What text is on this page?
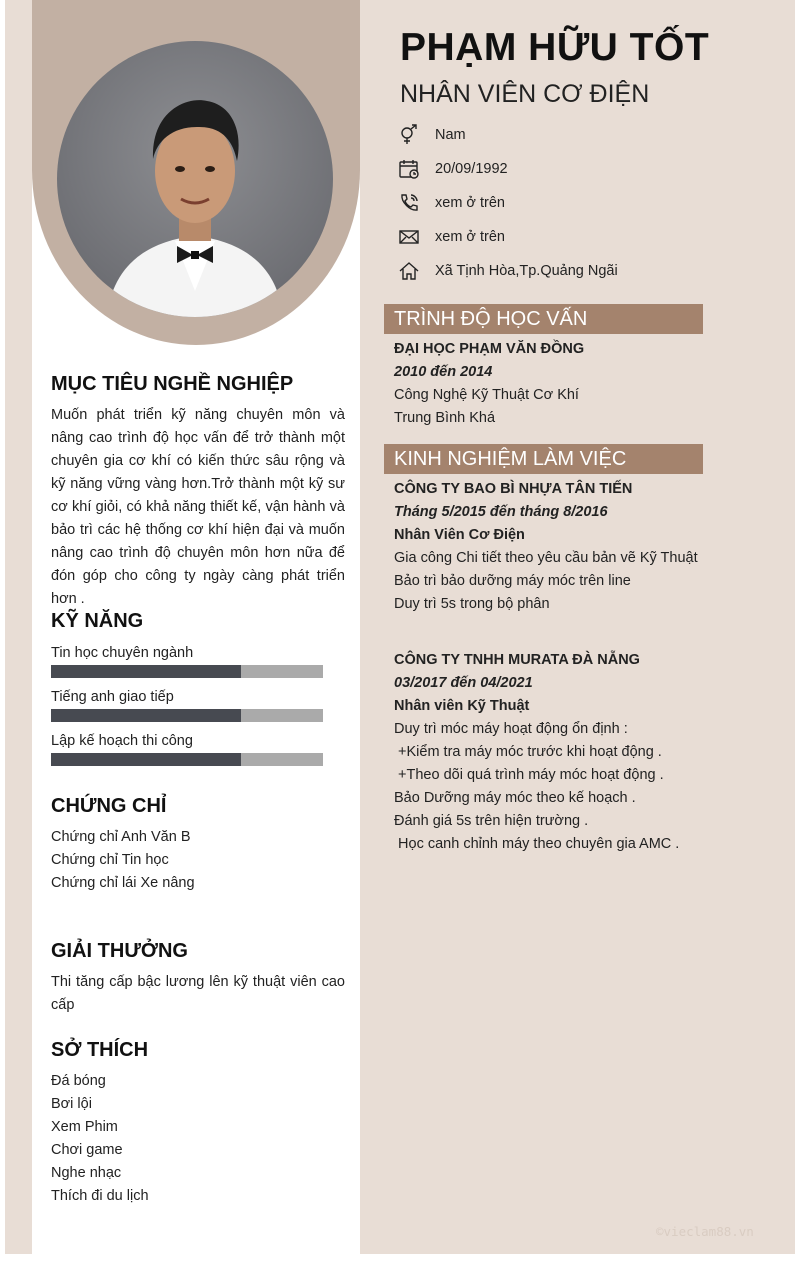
PHẠM HỮU TỐT
NHÂN VIÊN CƠ ĐIỆN
Nam
20/09/1992
xem ở trên
xem ở trên
Xã Tịnh Hòa,Tp.Quảng Ngãi
MỤC TIÊU NGHỀ NGHIỆP
Muốn phát triển kỹ năng chuyên môn và nâng cao trình độ học vấn để trở thành một chuyên gia cơ khí có kiến thức sâu rộng và kỹ năng vững vàng hơn.Trở thành một kỹ sư cơ khí giỏi, có khả năng thiết kế, vận hành và bảo trì các hệ thống cơ khí hiện đại và muốn nâng cao trình độ chuyên môn hơn nữa để đón góp cho công ty ngày càng phát triển hơn .
KỸ NĂNG
Tin học chuyên ngành
Tiếng anh giao tiếp
Lập kế hoạch thi công
CHỨNG CHỈ
Chứng chỉ Anh Văn B
Chứng chỉ Tin học
Chứng chỉ lái Xe nâng
GIẢI THƯỞNG
Thi tăng cấp bậc lương lên kỹ thuật viên cao cấp
SỞ THÍCH
Đá bóng
Bơi lội
Xem Phim
Chơi game
Nghe nhạc
Thích đi du lịch
TRÌNH ĐỘ HỌC VẤN
ĐẠI HỌC PHẠM VĂN ĐỒNG
2010 đến 2014
Công Nghệ Kỹ Thuật Cơ Khí
Trung Bình Khá
KINH NGHIỆM LÀM VIỆC
CÔNG TY BAO BÌ NHỰA TÂN TIẾN
Tháng 5/2015 đến tháng 8/2016
Nhân Viên Cơ Điện
Gia công Chi tiết theo yêu cầu bản vẽ Kỹ Thuật
Bảo trì bảo dưỡng máy móc trên line
Duy trì 5s trong bộ phân
CÔNG TY TNHH MURATA ĐÀ NẴNG
03/2017 đến 04/2021
Nhân viên Kỹ Thuật
Duy trì móc máy hoạt động ổn định :
+Kiểm tra máy móc trước khi hoạt động .
+Theo dõi quá trình máy móc hoạt động .
Bảo Dưỡng máy móc theo kế hoạch .
Đánh giá 5s trên hiện trường .
Học canh chỉnh máy theo chuyên gia AMC .
©vieclam88.vn
